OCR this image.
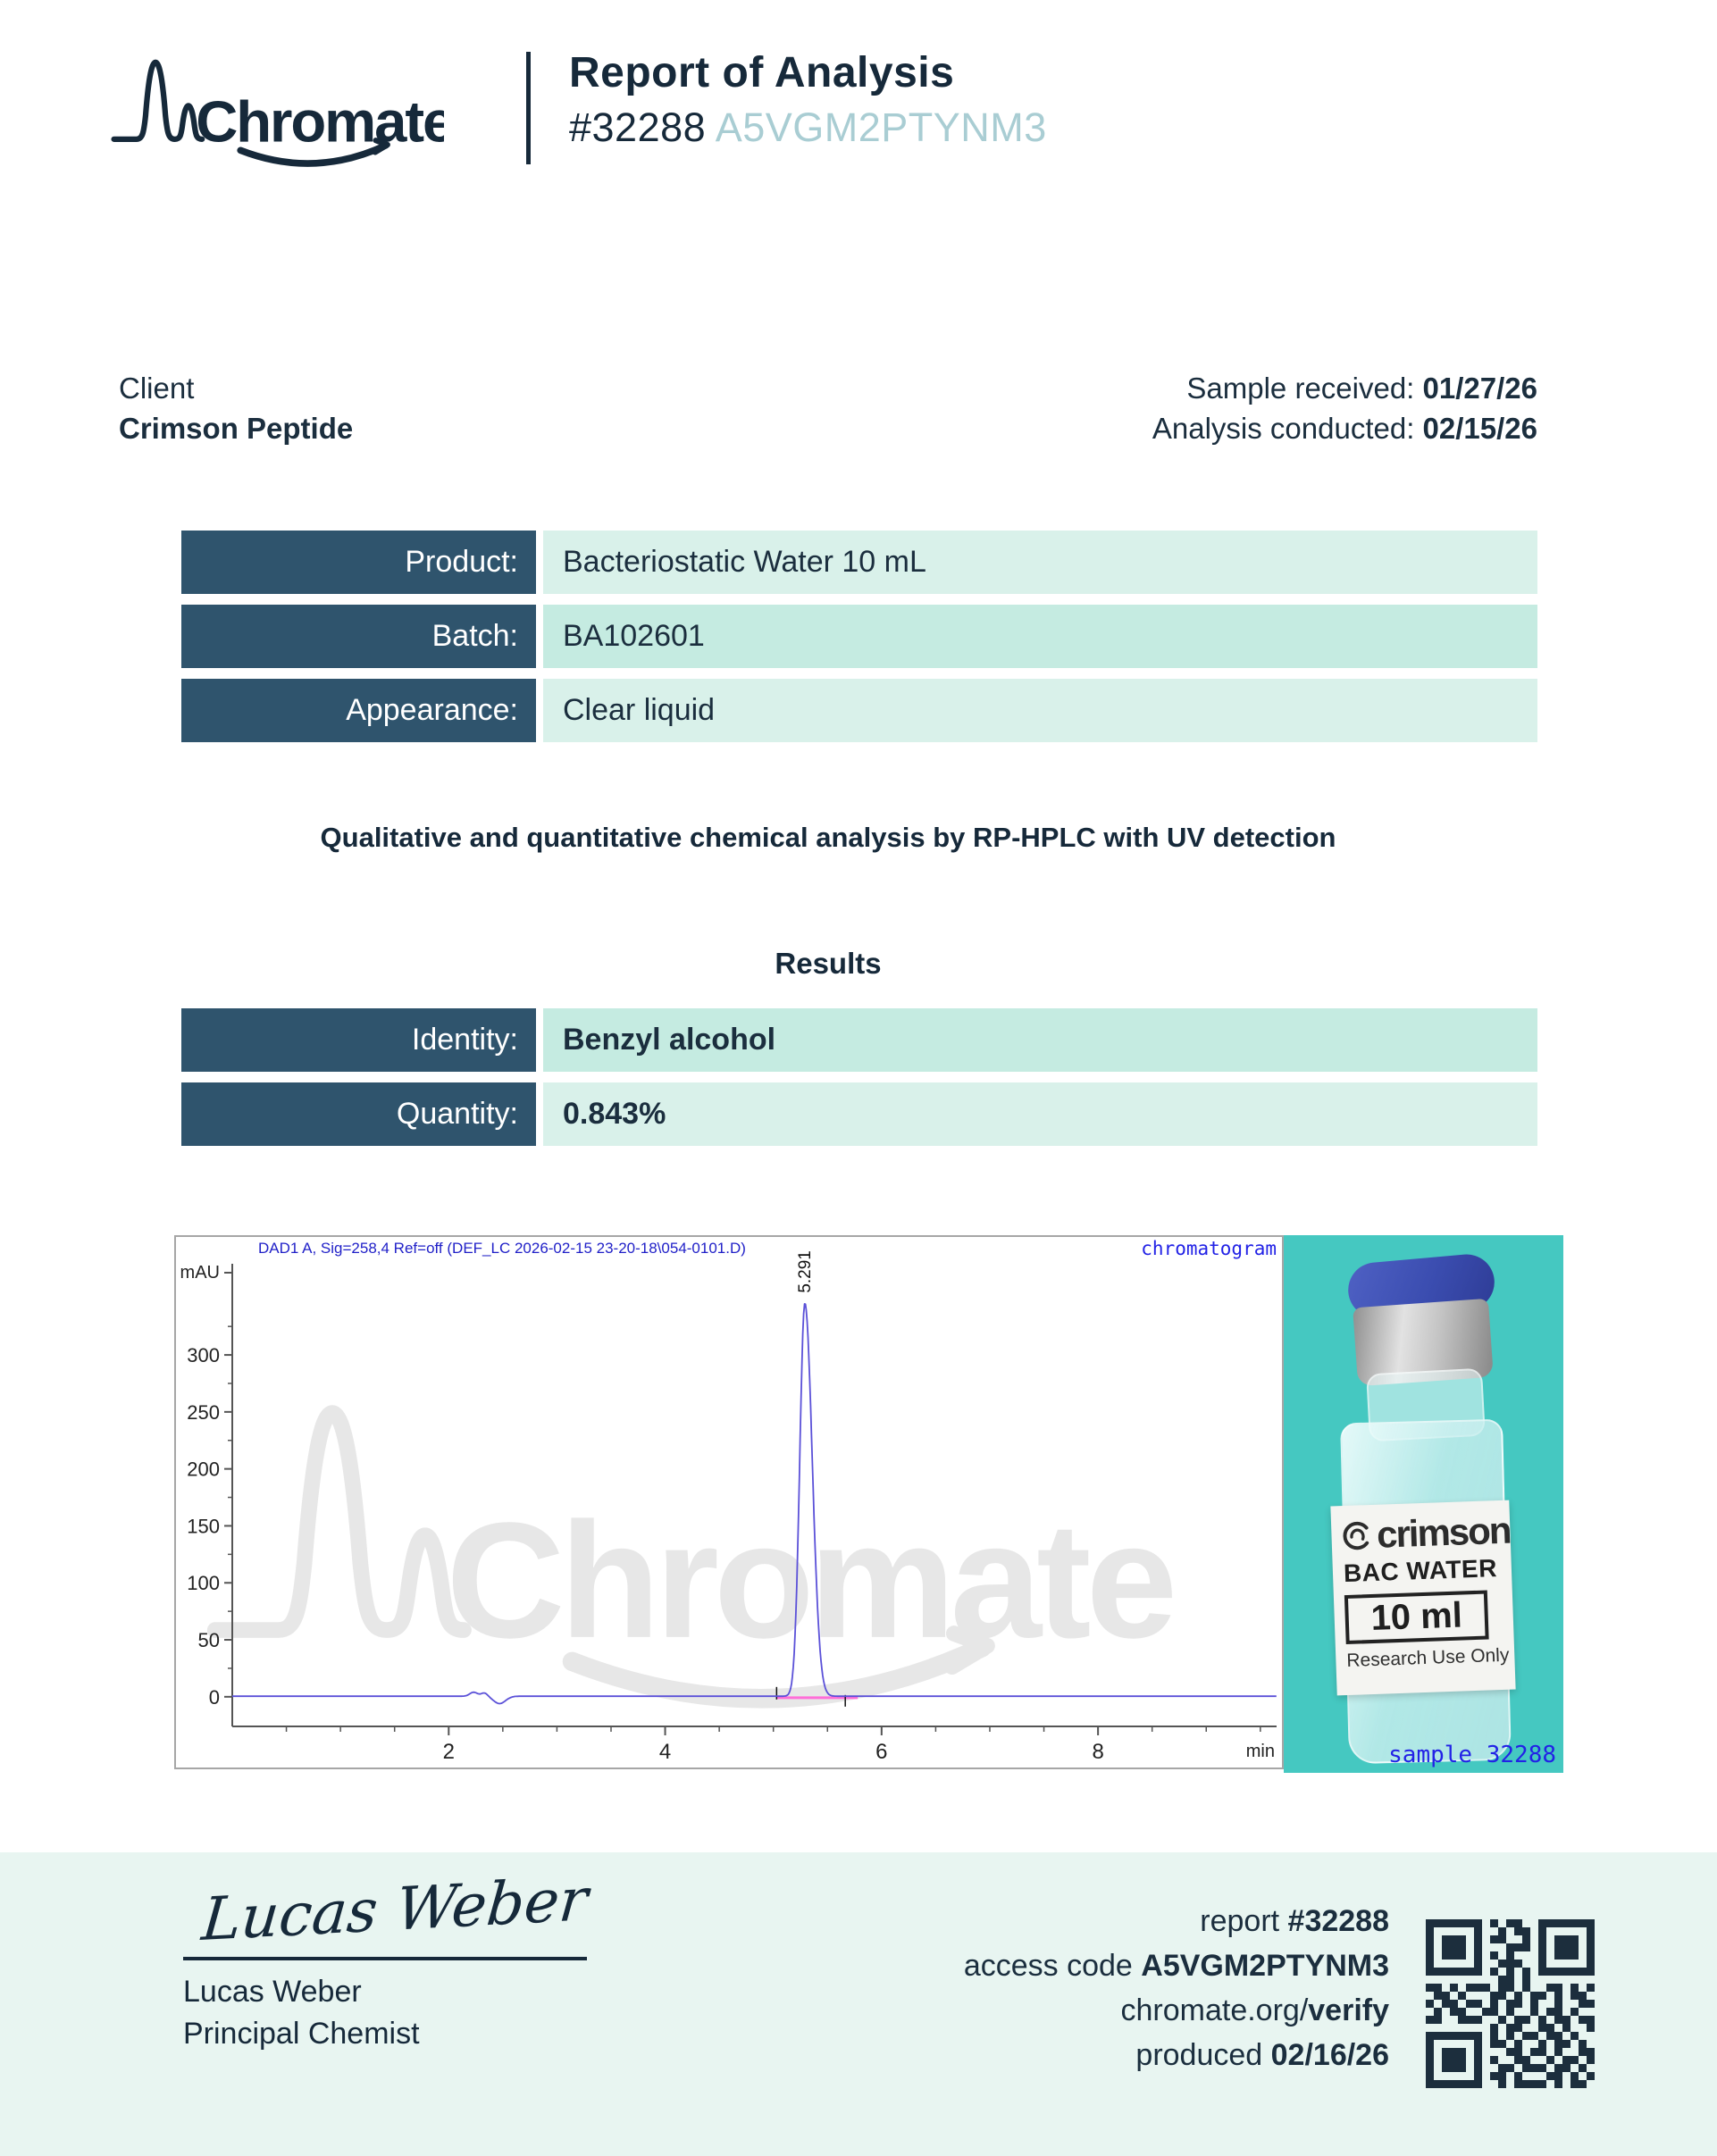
Report of Analysis
#32288 A5VGM2PTYNM3
Client
Crimson Peptide
Sample received: 01/27/26
Analysis conducted: 02/15/26
Product:	Bacteriostatic Water 10 mL
Batch:	BA102601
Appearance:	Clear liquid
Qualitative and quantitative chemical analysis by RP-HPLC with UV detection
Results
Identity:	Benzyl alcohol
Quantity:	0.843%
DAD1 A, Sig=258,4 Ref=off (DEF_LC 2026-02-15 23-20-18\054-0101.D)	chromatogram
mAU
0
50
100
150
200
250
300
2	4	6	8	min
5.291
crimson
BAC WATER
10 ml
Research Use Only
sample 32288
Lucas Weber
Lucas Weber
Principal Chemist
report #32288
access code A5VGM2PTYNM3
chromate.org/verify
produced 02/16/26
